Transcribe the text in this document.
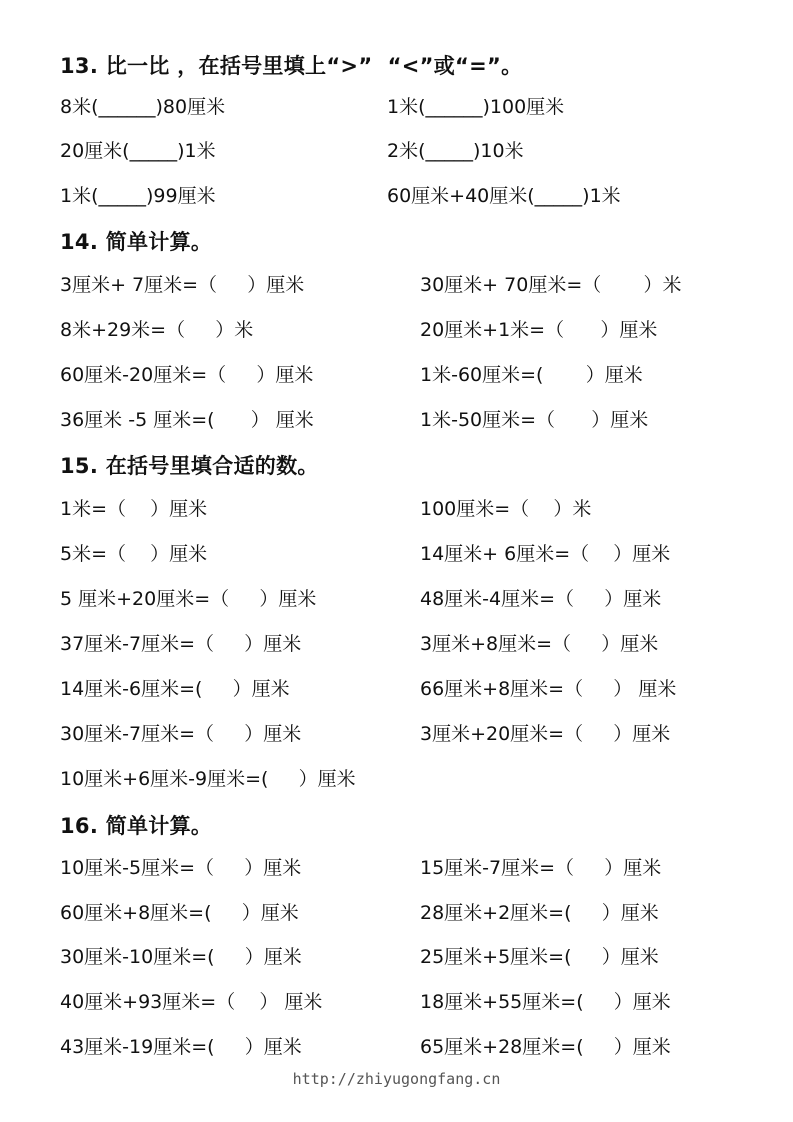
13. 比一比 ，在括号里填上“>”  “<”或“=”。
8米(______)80厘米	1米(______)100厘米
20厘米(_____)1米	2米(_____)10米
1米(_____)99厘米	60厘米+40厘米(_____)1米
14. 简单计算。
3厘米+ 7厘米=（     ）厘米	30厘米+ 70厘米=（       ）米
8米+29米=（     ）米	20厘米+1米=（      ）厘米
60厘米-20厘米=（     ）厘米	1米-60厘米=(       ）厘米
36厘米 -5 厘米=(      ） 厘米	1米-50厘米=（      ）厘米
15. 在括号里填合适的数。
1米=（    ）厘米	100厘米=（    ）米
5米=（    ）厘米	14厘米+ 6厘米=（    ）厘米
5 厘米+20厘米=（     ）厘米	48厘米-4厘米=（     ）厘米
37厘米-7厘米=（     ）厘米	3厘米+8厘米=（     ）厘米
14厘米-6厘米=(     ）厘米	66厘米+8厘米=（     ） 厘米
30厘米-7厘米=（     ）厘米	3厘米+20厘米=（     ）厘米
10厘米+6厘米-9厘米=(     ）厘米
16. 简单计算。
10厘米-5厘米=（     ）厘米	15厘米-7厘米=（     ）厘米
60厘米+8厘米=(     ）厘米	28厘米+2厘米=(     ）厘米
30厘米-10厘米=(     ）厘米	25厘米+5厘米=(     ）厘米
40厘米+93厘米=（    ） 厘米	18厘米+55厘米=(     ）厘米
43厘米-19厘米=(     ）厘米	65厘米+28厘米=(     ）厘米
http://zhiyugongfang.cn
